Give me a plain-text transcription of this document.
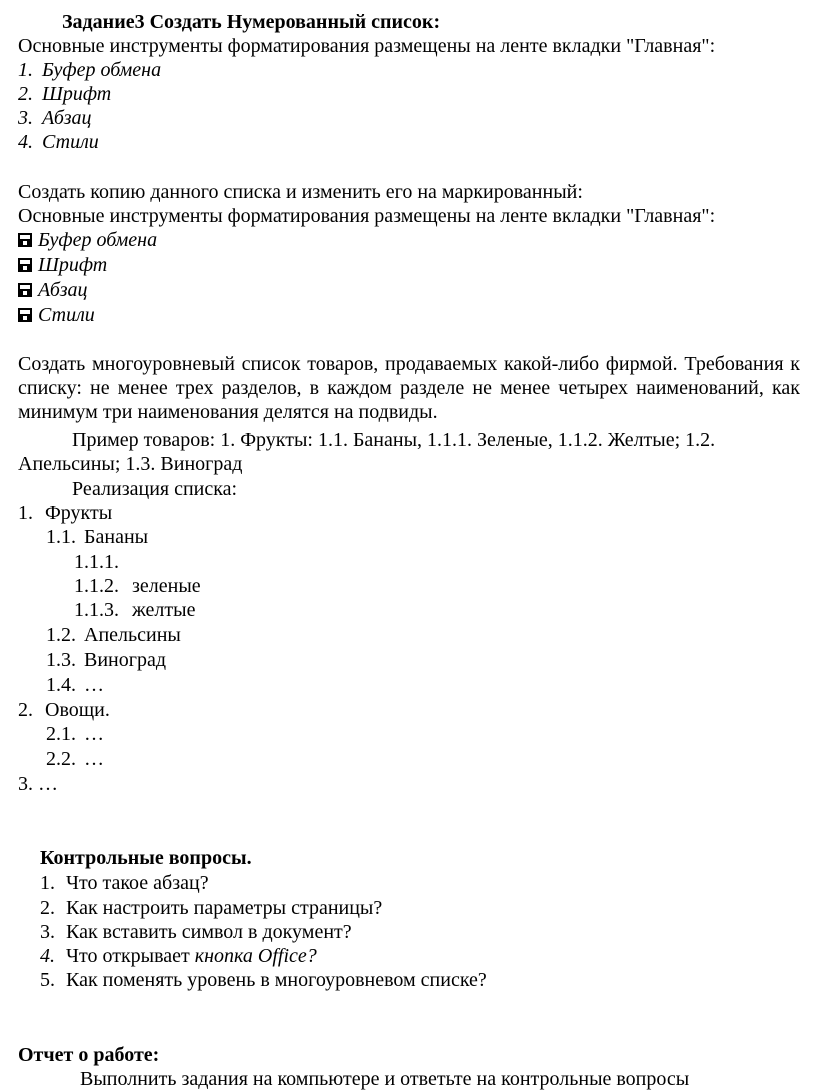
Задание3 Создать Нумерованный список:
Основные инструменты форматирования размещены на ленте вкладки "Главная":
1. Буфер обмена
2. Шрифт
3. Абзац
4. Стили
Создать копию данного списка и изменить его на маркированный:
Основные инструменты форматирования размещены на ленте вкладки "Главная":
Буфер обмена
Шрифт
Абзац
Стили
Создать многоуровневый список товаров, продаваемых какой-либо фирмой. Требования к списку: не менее трех разделов, в каждом разделе не менее четырех наименований, как минимум три наименования делятся на подвиды.
Пример товаров: 1. Фрукты: 1.1. Бананы, 1.1.1. Зеленые, 1.1.2. Желтые; 1.2.
Апельсины; 1.3. Виноград
Реализация списка:
1. Фрукты
1.1. Бананы
1.1.1.
1.1.2. зеленые
1.1.3. желтые
1.2. Апельсины
1.3. Виноград
1.4. …
2. Овощи.
2.1. …
2.2. …
3. …
Контрольные вопросы.
1. Что такое абзац?
2. Как настроить параметры страницы?
3. Как вставить символ в документ?
4. Что открывает кнопка Office?
5. Как поменять уровень в многоуровневом списке?
Отчет о работе:
Выполнить задания на компьютере и ответьте на контрольные вопросы
